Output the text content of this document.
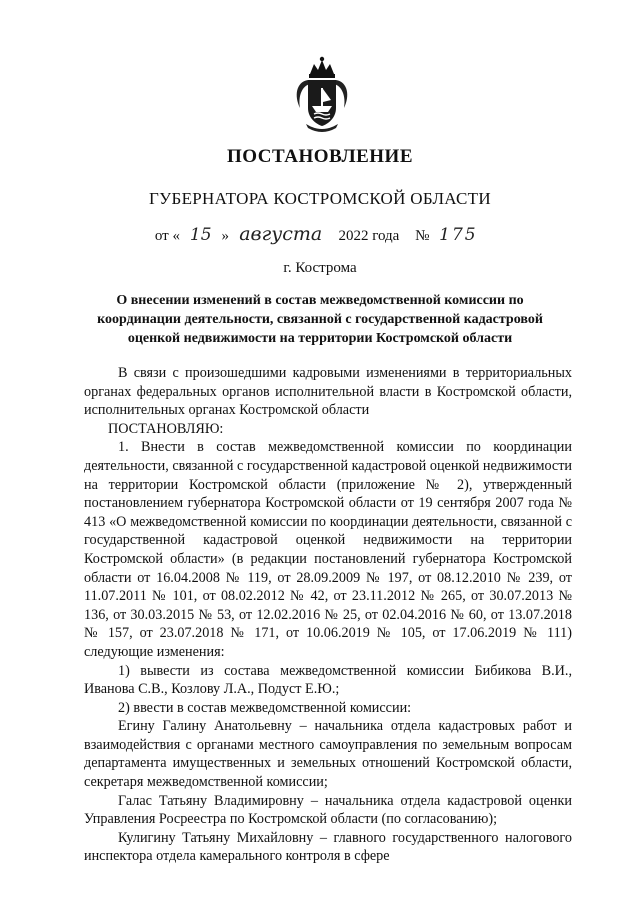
ПОСТАНОВЛЕНИЕ
ГУБЕРНАТОРА КОСТРОМСКОЙ ОБЛАСТИ
от « 15 » августа 2022 года № 175
г. Кострома
О внесении изменений в состав межведомственной комиссии по координации деятельности, связанной с государственной кадастровой оценкой недвижимости на территории Костромской области

В связи с произошедшими кадровыми изменениями в территориальных органах федеральных органов исполнительной власти в Костромской области, исполнительных органах Костромской области

ПОСТАНОВЛЯЮ:

1. Внести в состав межведомственной комиссии по координации деятельности, связанной с государственной кадастровой оценкой недвижимости на территории Костромской области (приложение № 2), утвержденный постановлением губернатора Костромской области от 19 сентября 2007 года № 413 «О межведомственной комиссии по координации деятельности, связанной с государственной кадастровой оценкой недвижимости на территории Костромской области» (в редакции постановлений губернатора Костромской области от 16.04.2008 № 119, от 28.09.2009 № 197, от 08.12.2010 № 239, от 11.07.2011 № 101, от 08.02.2012 № 42, от 23.11.2012 № 265, от 30.07.2013 № 136, от 30.03.2015 № 53, от 12.02.2016 № 25, от 02.04.2016 № 60, от 13.07.2018 № 157, от 23.07.2018 № 171, от 10.06.2019 № 105, от 17.06.2019 № 111) следующие изменения:

1) вывести из состава межведомственной комиссии Бибикова В.И., Иванова С.В., Козлову Л.А., Подуст Е.Ю.;

2) ввести в состав межведомственной комиссии:

Егину Галину Анатольевну – начальника отдела кадастровых работ и взаимодействия с органами местного самоуправления по земельным вопросам департамента имущественных и земельных отношений Костромской области, секретаря межведомственной комиссии;

Галас Татьяну Владимировну – начальника отдела кадастровой оценки Управления Росреестра по Костромской области (по согласованию);

Кулигину Татьяну Михайловну – главного государственного налогового инспектора отдела камерального контроля в сфере
